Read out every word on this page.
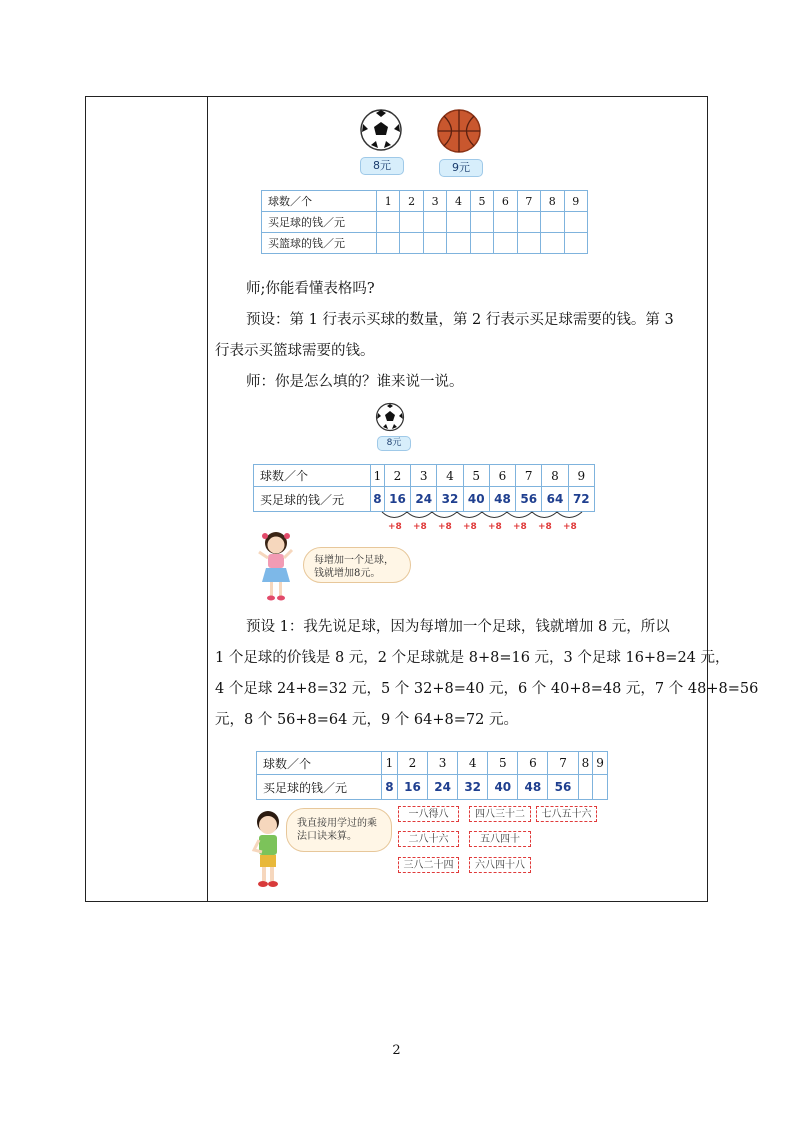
8元	9元
球数／个	1	2	3	4	5	6	7	8	9
买足球的钱／元									
买篮球的钱／元									
师;你能看懂表格吗?
预设：第 1 行表示买球的数量，第 2 行表示买足球需要的钱。第 3
行表示买篮球需要的钱。
师：你是怎么填的？谁来说一说。
8元
球数／个	1	2	3	4	5	6	7	8	9
买足球的钱／元	8	16	24	32	40	48	56	64	72
+8 +8 +8 +8 +8 +8 +8 +8
每增加一个足球，
钱就增加8元。
预设 1：我先说足球，因为每增加一个足球，钱就增加 8 元，所以
1 个足球的价钱是 8 元，2 个足球就是 8+8=16 元，3 个足球 16+8=24 元，
4 个足球 24+8=32 元，5 个 32+8=40 元，6 个 40+8=48 元，7 个 48+8=56
元，8 个 56+8=64 元，9 个 64+8=72 元。
球数／个	1	2	3	4	5	6	7	8	9
买足球的钱／元	8	16	24	32	40	48	56		
我直接用学过的乘
法口诀来算。
一八得八	四八三十二	七八五十六
二八十六	五八四十
三八二十四	六八四十八
2
